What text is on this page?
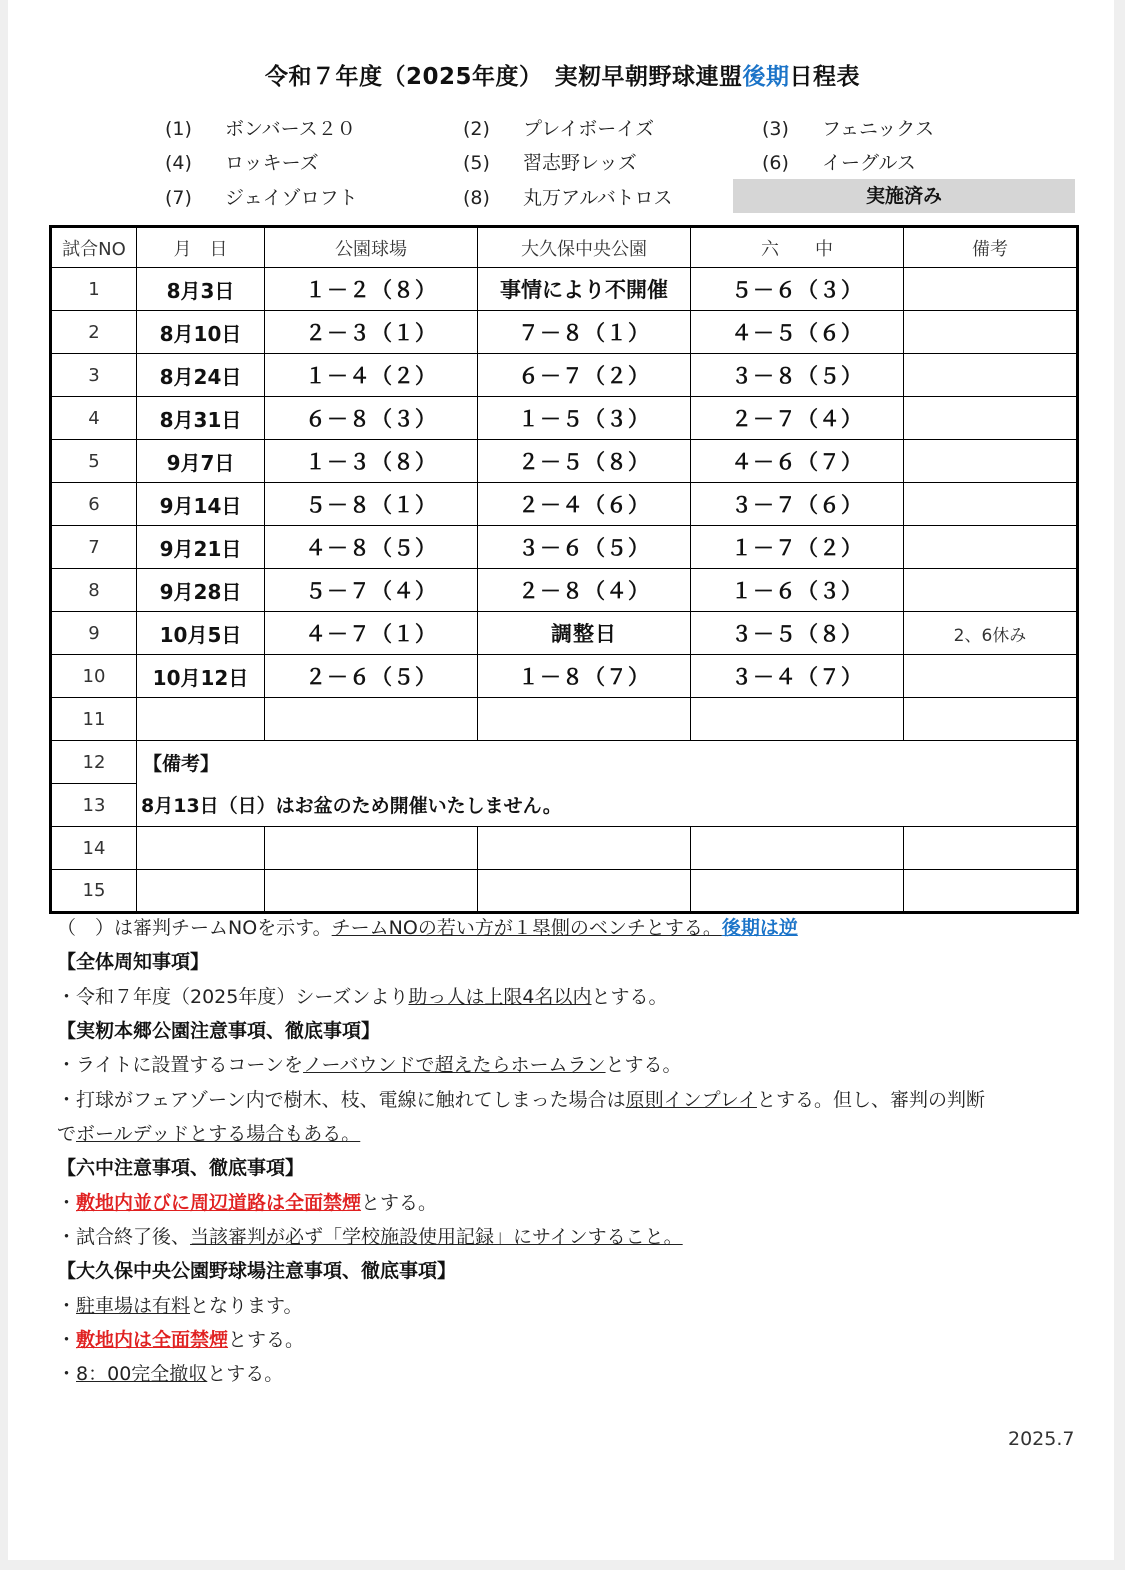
令和７年度（2025年度）　実籾早朝野球連盟後期日程表
(1) ボンバース２０	(2) プレイボーイズ	(3) フェニックス
(4) ロッキーズ	(5) 習志野レッズ	(6) イーグルス
(7) ジェイゾロフト	(8) 丸万アルバトロス	実施済み
試合NO	月　日	公園球場	大久保中央公園	六　　中	備考
1	8月3日	１－２（８）	事情により不開催	５－６（３）	
2	8月10日	２－３（１）	７－８（１）	４－５（６）	
3	8月24日	１－４（２）	６－７（２）	３－８（５）	
4	8月31日	６－８（３）	１－５（３）	２－７（４）	
5	9月7日	１－３（８）	２－５（８）	４－６（７）	
6	9月14日	５－８（１）	２－４（６）	３－７（６）	
7	9月21日	４－８（５）	３－６（５）	１－７（２）	
8	9月28日	５－７（４）	２－８（４）	１－６（３）	
9	10月5日	４－７（１）	調整日	３－５（８）	2、6休み
10	10月12日	２－６（５）	１－８（７）	３－４（７）	
11					
12	【備考】				
13	8月13日（日）はお盆のため開催いたしません。				
14					
15					
（　）は審判チームNOを示す。チームNOの若い方が１塁側のベンチとする。後期は逆
【全体周知事項】
・令和７年度（2025年度）シーズンより助っ人は上限4名以内とする。
【実籾本郷公園注意事項、徹底事項】
・ライトに設置するコーンをノーバウンドで超えたらホームランとする。
・打球がフェアゾーン内で樹木、枝、電線に触れてしまった場合は原則インプレイとする。但し、審判の判断
でボールデッドとする場合もある。
【六中注意事項、徹底事項】
・敷地内並びに周辺道路は全面禁煙とする。
・試合終了後、当該審判が必ず「学校施設使用記録」にサインすること。
【大久保中央公園野球場注意事項、徹底事項】
・駐車場は有料となります。
・敷地内は全面禁煙とする。
・8：00完全撤収とする。
2025.7
